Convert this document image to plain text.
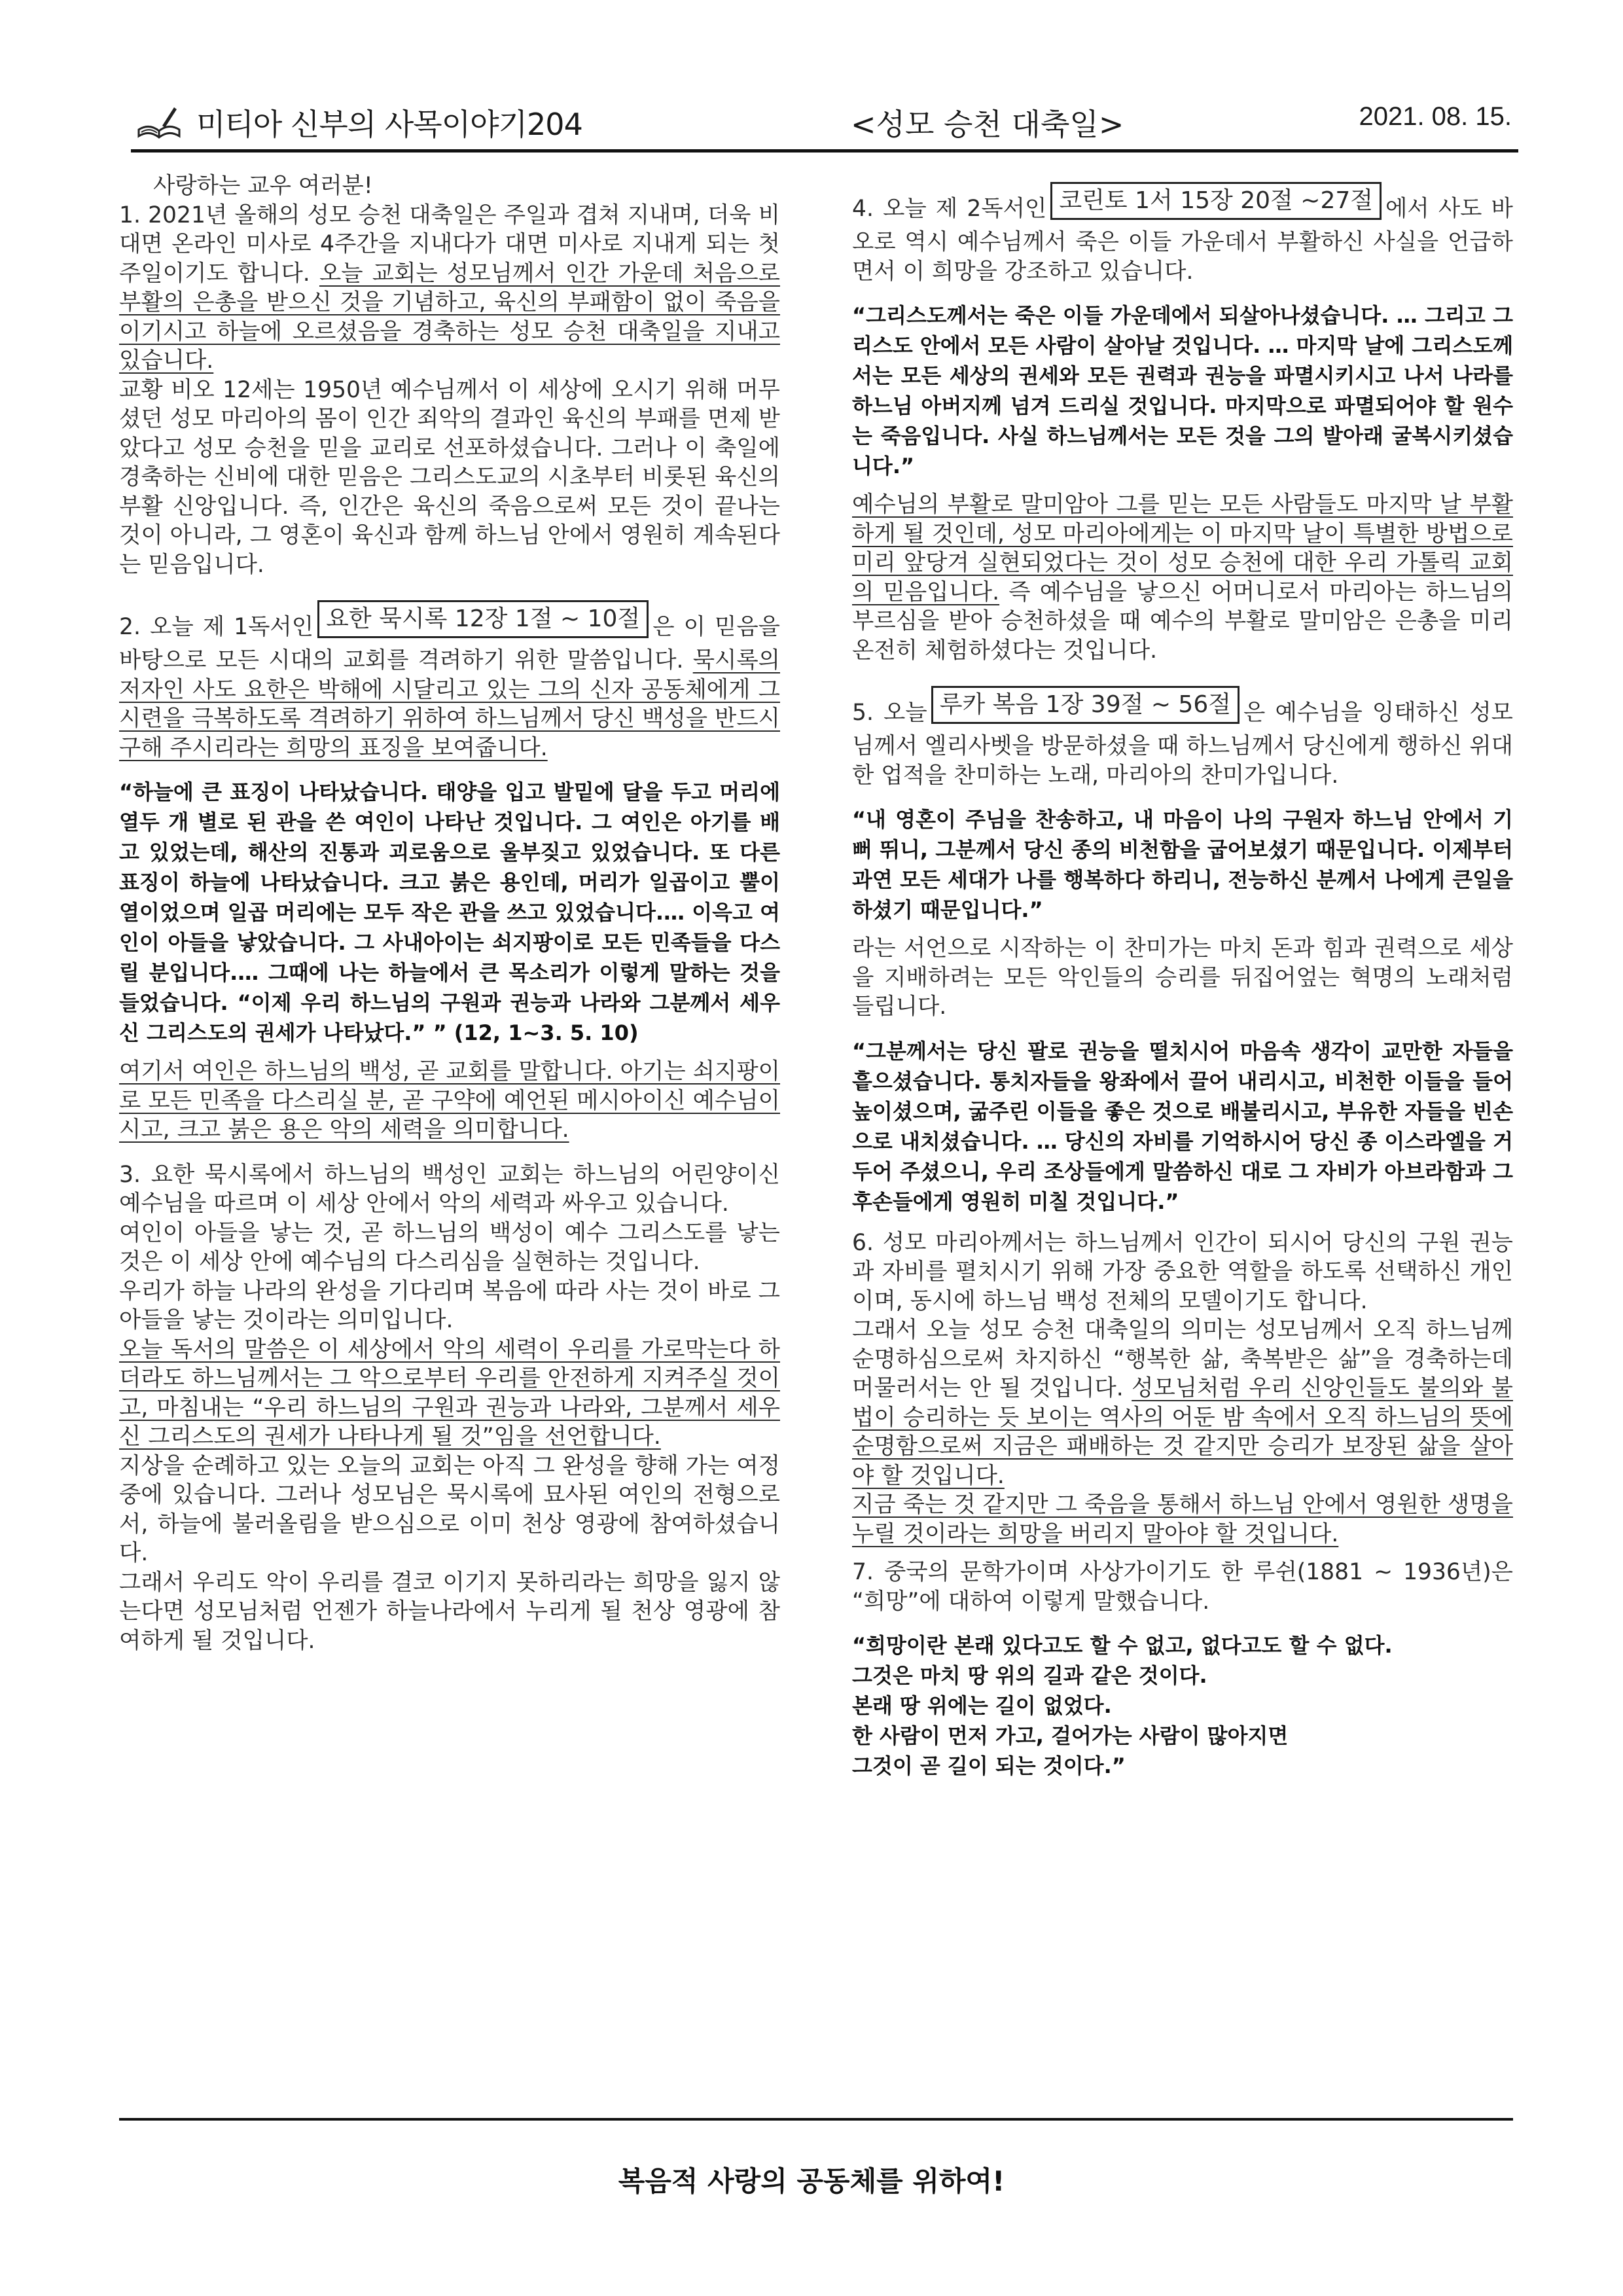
미티아 신부의 사목이야기204	<성모 승천 대축일>	2021. 08. 15.

사랑하는 교우 여러분!

1. 2021년 올해의 성모 승천 대축일은 주일과 겹쳐 지내며, 더욱 비대면 온라인 미사로 4주간을 지내다가 대면 미사로 지내게 되는 첫 주일이기도 합니다. 오늘 교회는 성모님께서 인간 가운데 처음으로 부활의 은총을 받으신 것을 기념하고, 육신의 부패함이 없이 죽음을 이기시고 하늘에 오르셨음을 경축하는 성모 승천 대축일을 지내고 있습니다.

교황 비오 12세는 1950년 예수님께서 이 세상에 오시기 위해 머무셨던 성모 마리아의 몸이 인간 죄악의 결과인 육신의 부패를 면제 받았다고 성모 승천을 믿을 교리로 선포하셨습니다. 그러나 이 축일에 경축하는 신비에 대한 믿음은 그리스도교의 시초부터 비롯된 육신의 부활 신앙입니다. 즉, 인간은 육신의 죽음으로써 모든 것이 끝나는 것이 아니라, 그 영혼이 육신과 함께 하느님 안에서 영원히 계속된다는 믿음입니다.

2. 오늘 제 1독서인 요한 묵시록 12장 1절 ~ 10절 은 이 믿음을 바탕으로 모든 시대의 교회를 격려하기 위한 말씀입니다. 묵시록의 저자인 사도 요한은 박해에 시달리고 있는 그의 신자 공동체에게 그 시련을 극복하도록 격려하기 위하여 하느님께서 당신 백성을 반드시 구해 주시리라는 희망의 표징을 보여줍니다.

“하늘에 큰 표징이 나타났습니다. 태양을 입고 발밑에 달을 두고 머리에 열두 개 별로 된 관을 쓴 여인이 나타난 것입니다. 그 여인은 아기를 배고 있었는데, 해산의 진통과 괴로움으로 울부짖고 있었습니다. 또 다른 표징이 하늘에 나타났습니다. 크고 붉은 용인데, 머리가 일곱이고 뿔이 열이었으며 일곱 머리에는 모두 작은 관을 쓰고 있었습니다.… 이윽고 여인이 아들을 낳았습니다. 그 사내아이는 쇠지팡이로 모든 민족들을 다스릴 분입니다.… 그때에 나는 하늘에서 큰 목소리가 이렇게 말하는 것을 들었습니다. “이제 우리 하느님의 구원과 권능과 나라와 그분께서 세우신 그리스도의 권세가 나타났다.” ” (12, 1~3. 5. 10)

여기서 여인은 하느님의 백성, 곧 교회를 말합니다. 아기는 쇠지팡이로 모든 민족을 다스리실 분, 곧 구약에 예언된 메시아이신 예수님이시고, 크고 붉은 용은 악의 세력을 의미합니다.

3. 요한 묵시록에서 하느님의 백성인 교회는 하느님의 어린양이신 예수님을 따르며 이 세상 안에서 악의 세력과 싸우고 있습니다.

여인이 아들을 낳는 것, 곧 하느님의 백성이 예수 그리스도를 낳는 것은 이 세상 안에 예수님의 다스리심을 실현하는 것입니다.

우리가 하늘 나라의 완성을 기다리며 복음에 따라 사는 것이 바로 그 아들을 낳는 것이라는 의미입니다.

오늘 독서의 말씀은 이 세상에서 악의 세력이 우리를 가로막는다 하더라도 하느님께서는 그 악으로부터 우리를 안전하게 지켜주실 것이고, 마침내는 “우리 하느님의 구원과 권능과 나라와, 그분께서 세우신 그리스도의 권세가 나타나게 될 것”임을 선언합니다.

지상을 순례하고 있는 오늘의 교회는 아직 그 완성을 향해 가는 여정 중에 있습니다. 그러나 성모님은 묵시록에 묘사된 여인의 전형으로서, 하늘에 불러올림을 받으심으로 이미 천상 영광에 참여하셨습니다.

그래서 우리도 악이 우리를 결코 이기지 못하리라는 희망을 잃지 않는다면 성모님처럼 언젠가 하늘나라에서 누리게 될 천상 영광에 참여하게 될 것입니다.

4. 오늘 제 2독서인 코린토 1서 15장 20절 ~27절 에서 사도 바오로 역시 예수님께서 죽은 이들 가운데서 부활하신 사실을 언급하면서 이 희망을 강조하고 있습니다.

“그리스도께서는 죽은 이들 가운데에서 되살아나셨습니다. … 그리고 그리스도 안에서 모든 사람이 살아날 것입니다. … 마지막 날에 그리스도께서는 모든 세상의 권세와 모든 권력과 권능을 파멸시키시고 나서 나라를 하느님 아버지께 넘겨 드리실 것입니다. 마지막으로 파멸되어야 할 원수는 죽음입니다. 사실 하느님께서는 모든 것을 그의 발아래 굴복시키셨습니다.”

예수님의 부활로 말미암아 그를 믿는 모든 사람들도 마지막 날 부활하게 될 것인데, 성모 마리아에게는 이 마지막 날이 특별한 방법으로 미리 앞당겨 실현되었다는 것이 성모 승천에 대한 우리 가톨릭 교회의 믿음입니다. 즉 예수님을 낳으신 어머니로서 마리아는 하느님의 부르심을 받아 승천하셨을 때 예수의 부활로 말미암은 은총을 미리 온전히 체험하셨다는 것입니다.

5. 오늘 루카 복음 1장 39절 ~ 56절 은 예수님을 잉태하신 성모님께서 엘리사벳을 방문하셨을 때 하느님께서 당신에게 행하신 위대한 업적을 찬미하는 노래, 마리아의 찬미가입니다.

“내 영혼이 주님을 찬송하고, 내 마음이 나의 구원자 하느님 안에서 기뻐 뛰니, 그분께서 당신 종의 비천함을 굽어보셨기 때문입니다. 이제부터 과연 모든 세대가 나를 행복하다 하리니, 전능하신 분께서 나에게 큰일을 하셨기 때문입니다.”

라는 서언으로 시작하는 이 찬미가는 마치 돈과 힘과 권력으로 세상을 지배하려는 모든 악인들의 승리를 뒤집어엎는 혁명의 노래처럼 들립니다.

“그분께서는 당신 팔로 권능을 떨치시어 마음속 생각이 교만한 자들을 흩으셨습니다. 통치자들을 왕좌에서 끌어 내리시고, 비천한 이들을 들어 높이셨으며, 굶주린 이들을 좋은 것으로 배불리시고, 부유한 자들을 빈손으로 내치셨습니다. … 당신의 자비를 기억하시어 당신 종 이스라엘을 거두어 주셨으니, 우리 조상들에게 말씀하신 대로 그 자비가 아브라함과 그 후손들에게 영원히 미칠 것입니다.”

6. 성모 마리아께서는 하느님께서 인간이 되시어 당신의 구원 권능과 자비를 펼치시기 위해 가장 중요한 역할을 하도록 선택하신 개인이며, 동시에 하느님 백성 전체의 모델이기도 합니다.

그래서 오늘 성모 승천 대축일의 의미는 성모님께서 오직 하느님께 순명하심으로써 차지하신 “행복한 삶, 축복받은 삶”을 경축하는데 머물러서는 안 될 것입니다. 성모님처럼 우리 신앙인들도 불의와 불법이 승리하는 듯 보이는 역사의 어둔 밤 속에서 오직 하느님의 뜻에 순명함으로써 지금은 패배하는 것 같지만 승리가 보장된 삶을 살아야 할 것입니다.

지금 죽는 것 같지만 그 죽음을 통해서 하느님 안에서 영원한 생명을 누릴 것이라는 희망을 버리지 말아야 할 것입니다.

7. 중국의 문학가이며 사상가이기도 한 루쉰(1881 ~ 1936년)은 “희망”에 대하여 이렇게 말했습니다.

“희망이란 본래 있다고도 할 수 없고, 없다고도 할 수 없다.
그것은 마치 땅 위의 길과 같은 것이다.
본래 땅 위에는 길이 없었다.
한 사람이 먼저 가고, 걸어가는 사람이 많아지면
그것이 곧 길이 되는 것이다.”
복음적 사랑의 공동체를 위하여!
